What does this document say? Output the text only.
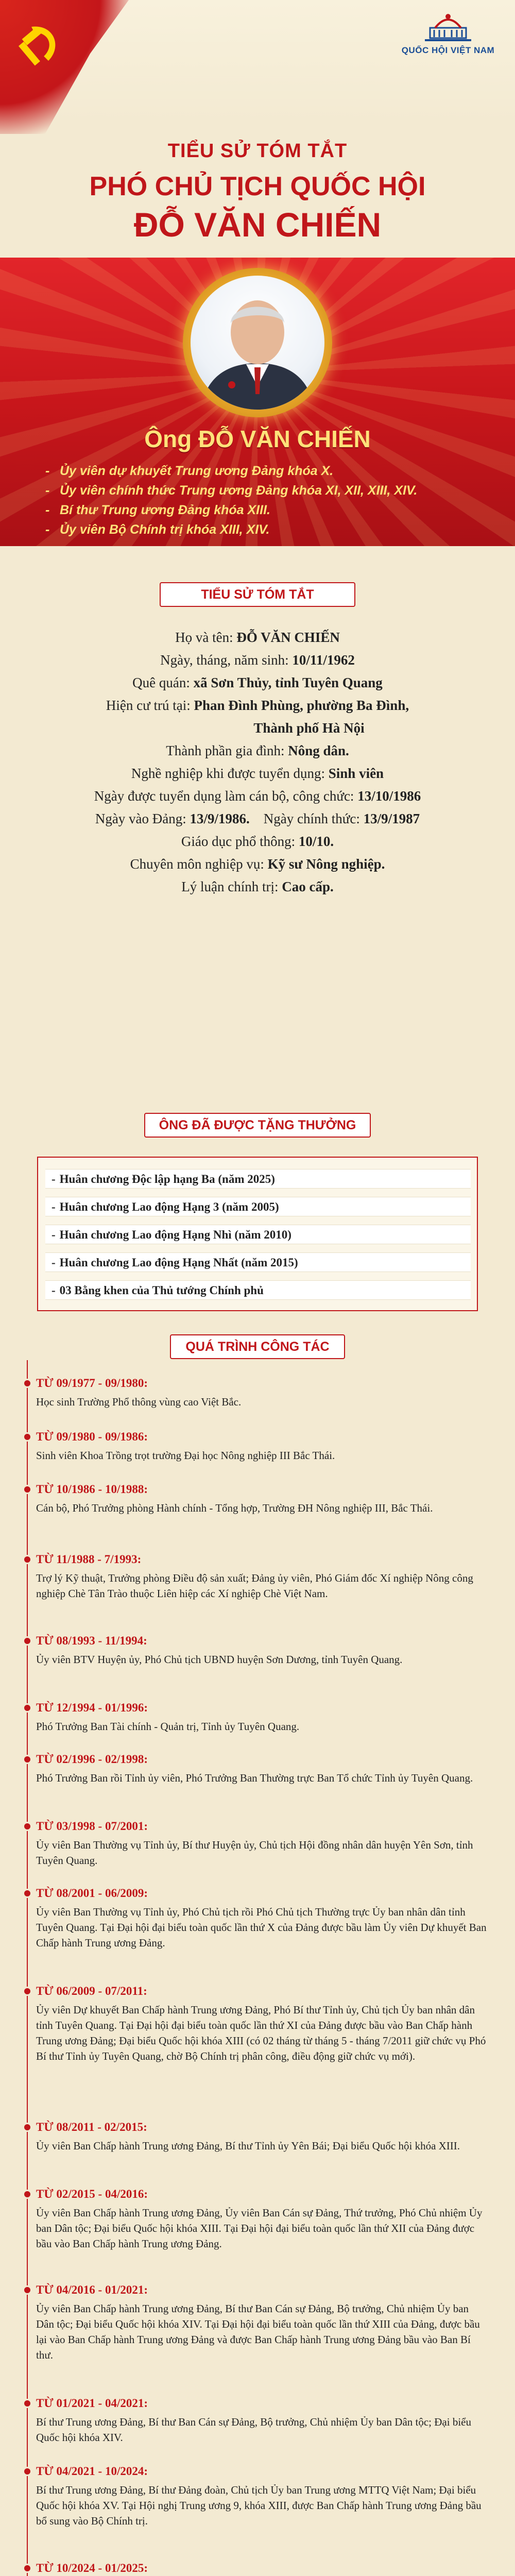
QUỐC HỘI VIỆT NAM
TIỂU SỬ TÓM TẮT
PHÓ CHỦ TỊCH QUỐC HỘI
ĐỖ VĂN CHIẾN
Ông ĐỖ VĂN CHIẾN
- Ủy viên dự khuyết Trung ương Đảng khóa X.
- Ủy viên chính thức Trung ương Đảng khóa XI, XII, XIII, XIV.
- Bí thư Trung ương Đảng khóa XIII.
- Ủy viên Bộ Chính trị khóa XIII, XIV.
TIỂU SỬ TÓM TẮT
Họ và tên: ĐỖ VĂN CHIẾN
Ngày, tháng, năm sinh: 10/11/1962
Quê quán: xã Sơn Thủy, tỉnh Tuyên Quang
Hiện cư trú tại: Phan Đình Phùng, phường Ba Đình,
Thành phố Hà Nội
Thành phần gia đình: Nông dân.
Nghề nghiệp khi được tuyển dụng: Sinh viên
Ngày được tuyển dụng làm cán bộ, công chức: 13/10/1986
Ngày vào Đảng: 13/9/1986. Ngày chính thức: 13/9/1987
Giáo dục phổ thông: 10/10.
Chuyên môn nghiệp vụ: Kỹ sư Nông nghiệp.
Lý luận chính trị: Cao cấp.
ÔNG ĐÃ ĐƯỢC TẶNG THƯỞNG
- Huân chương Độc lập hạng Ba (năm 2025)
- Huân chương Lao động Hạng 3 (năm 2005)
- Huân chương Lao động Hạng Nhì (năm 2010)
- Huân chương Lao động Hạng Nhất (năm 2015)
- 03 Bằng khen của Thủ tướng Chính phủ
QUÁ TRÌNH CÔNG TÁC
TỪ 09/1977 - 09/1980:
Học sinh Trường Phổ thông vùng cao Việt Bắc.
TỪ 09/1980 - 09/1986:
Sinh viên Khoa Trồng trọt trường Đại học Nông nghiệp III Bắc Thái.
TỪ 10/1986 - 10/1988:
Cán bộ, Phó Trưởng phòng Hành chính - Tổng hợp, Trường ĐH Nông nghiệp III, Bắc Thái.
TỪ 11/1988 - 7/1993:
Trợ lý Kỹ thuật, Trưởng phòng Điều độ sản xuất; Đảng ủy viên, Phó Giám đốc Xí nghiệp Nông công nghiệp Chè Tân Trào thuộc Liên hiệp các Xí nghiệp Chè Việt Nam.
TỪ 08/1993 - 11/1994:
Ủy viên BTV Huyện ủy, Phó Chủ tịch UBND huyện Sơn Dương, tỉnh Tuyên Quang.
TỪ 12/1994 - 01/1996:
Phó Trưởng Ban Tài chính - Quản trị, Tỉnh ủy Tuyên Quang.
TỪ 02/1996 - 02/1998:
Phó Trưởng Ban rồi Tỉnh ủy viên, Phó Trưởng Ban Thường trực Ban Tổ chức Tỉnh ủy Tuyên Quang.
TỪ 03/1998 - 07/2001:
Ủy viên Ban Thường vụ Tỉnh ủy, Bí thư Huyện ủy, Chủ tịch Hội đồng nhân dân huyện Yên Sơn, tỉnh Tuyên Quang.
TỪ 08/2001 - 06/2009:
Ủy viên Ban Thường vụ Tỉnh ủy, Phó Chủ tịch rồi Phó Chủ tịch Thường trực Ủy ban nhân dân tỉnh Tuyên Quang. Tại Đại hội đại biểu toàn quốc lần thứ X của Đảng được bầu làm Ủy viên Dự khuyết Ban Chấp hành Trung ương Đảng.
TỪ 06/2009 - 07/2011:
Ủy viên Dự khuyết Ban Chấp hành Trung ương Đảng, Phó Bí thư Tỉnh ủy, Chủ tịch Ủy ban nhân dân tỉnh Tuyên Quang. Tại Đại hội đại biểu toàn quốc lần thứ XI của Đảng được bầu vào Ban Chấp hành Trung ương Đảng; Đại biểu Quốc hội khóa XIII (có 02 tháng từ tháng 5 - tháng 7/2011 giữ chức vụ Phó Bí thư Tỉnh ủy Tuyên Quang, chờ Bộ Chính trị phân công, điều động giữ chức vụ mới).
TỪ 08/2011 - 02/2015:
Ủy viên Ban Chấp hành Trung ương Đảng, Bí thư Tỉnh ủy Yên Bái; Đại biểu Quốc hội khóa XIII.
TỪ 02/2015 - 04/2016:
Ủy viên Ban Chấp hành Trung ương Đảng, Ủy viên Ban Cán sự Đảng, Thứ trưởng, Phó Chủ nhiệm Ủy ban Dân tộc; Đại biểu Quốc hội khóa XIII. Tại Đại hội đại biểu toàn quốc lần thứ XII của Đảng được bầu vào Ban Chấp hành Trung ương Đảng.
TỪ 04/2016 - 01/2021:
Ủy viên Ban Chấp hành Trung ương Đảng, Bí thư Ban Cán sự Đảng, Bộ trưởng, Chủ nhiệm Ủy ban Dân tộc; Đại biểu Quốc hội khóa XIV. Tại Đại hội đại biểu toàn quốc lần thứ XIII của Đảng, được bầu lại vào Ban Chấp hành Trung ương Đảng và được Ban Chấp hành Trung ương Đảng bầu vào Ban Bí thư.
TỪ 01/2021 - 04/2021:
Bí thư Trung ương Đảng, Bí thư Ban Cán sự Đảng, Bộ trưởng, Chủ nhiệm Ủy ban Dân tộc; Đại biểu Quốc hội khóa XIV.
TỪ 04/2021 - 10/2024:
Bí thư Trung ương Đảng, Bí thư Đảng đoàn, Chủ tịch Ủy ban Trung ương MTTQ Việt Nam; Đại biểu Quốc hội khóa XV. Tại Hội nghị Trung ương 9, khóa XIII, được Ban Chấp hành Trung ương Đảng bầu bổ sung vào Bộ Chính trị.
TỪ 10/2024 - 01/2025:
